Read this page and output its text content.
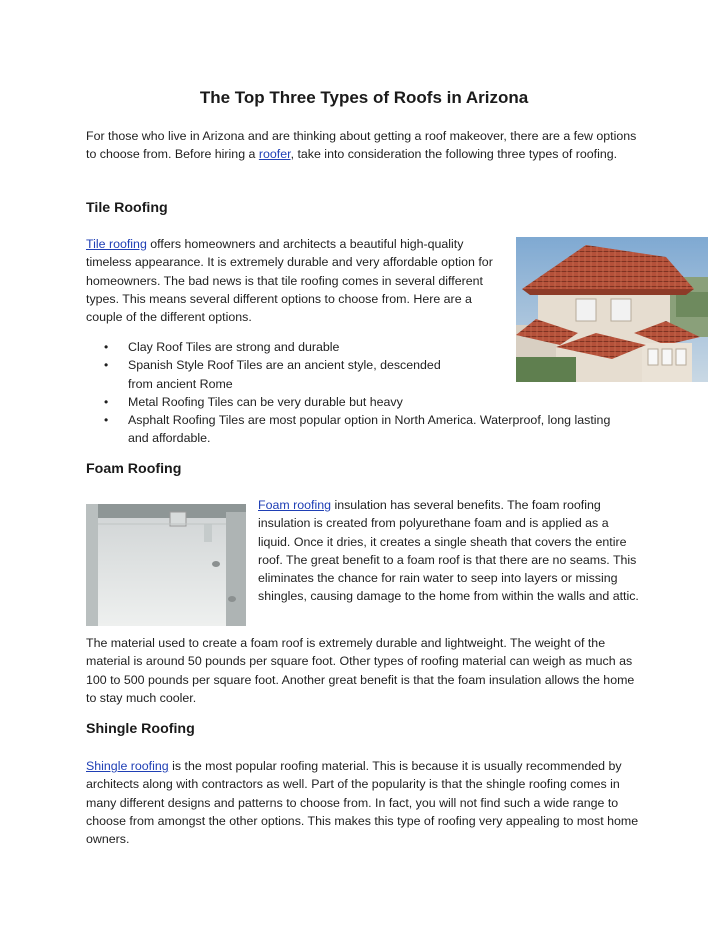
The Top Three Types of Roofs in Arizona

For those who live in Arizona and are thinking about getting a roof makeover, there are a few options to choose from. Before hiring a roofer, take into consideration the following three types of roofing.

Tile Roofing

Tile roofing offers homeowners and architects a beautiful high-quality timeless appearance. It is extremely durable and very affordable option for homeowners. The bad news is that tile roofing comes in several different types. This means several different options to choose from. Here are a couple of the different options.

• Clay Roof Tiles are strong and durable
• Spanish Style Roof Tiles are an ancient style, descended from ancient Rome
• Metal Roofing Tiles can be very durable but heavy
• Asphalt Roofing Tiles are most popular option in North America. Waterproof, long lasting and affordable.
Foam Roofing

Foam roofing insulation has several benefits. The foam roofing insulation is created from polyurethane foam and is applied as a liquid. Once it dries, it creates a single sheath that covers the entire roof. The great benefit to a foam roof is that there are no seams. This eliminates the chance for rain water to seep into layers or missing shingles, causing damage to the home from within the walls and attic.

The material used to create a foam roof is extremely durable and lightweight. The weight of the material is around 50 pounds per square foot. Other types of roofing material can weigh as much as 100 to 500 pounds per square foot. Another great benefit is that the foam insulation allows the home to stay much cooler.

Shingle Roofing

Shingle roofing is the most popular roofing material. This is because it is usually recommended by architects along with contractors as well. Part of the popularity is that the shingle roofing comes in many different designs and patterns to choose from. In fact, you will not find such a wide range to choose from amongst the other options. This makes this type of roofing very appealing to most home owners.
